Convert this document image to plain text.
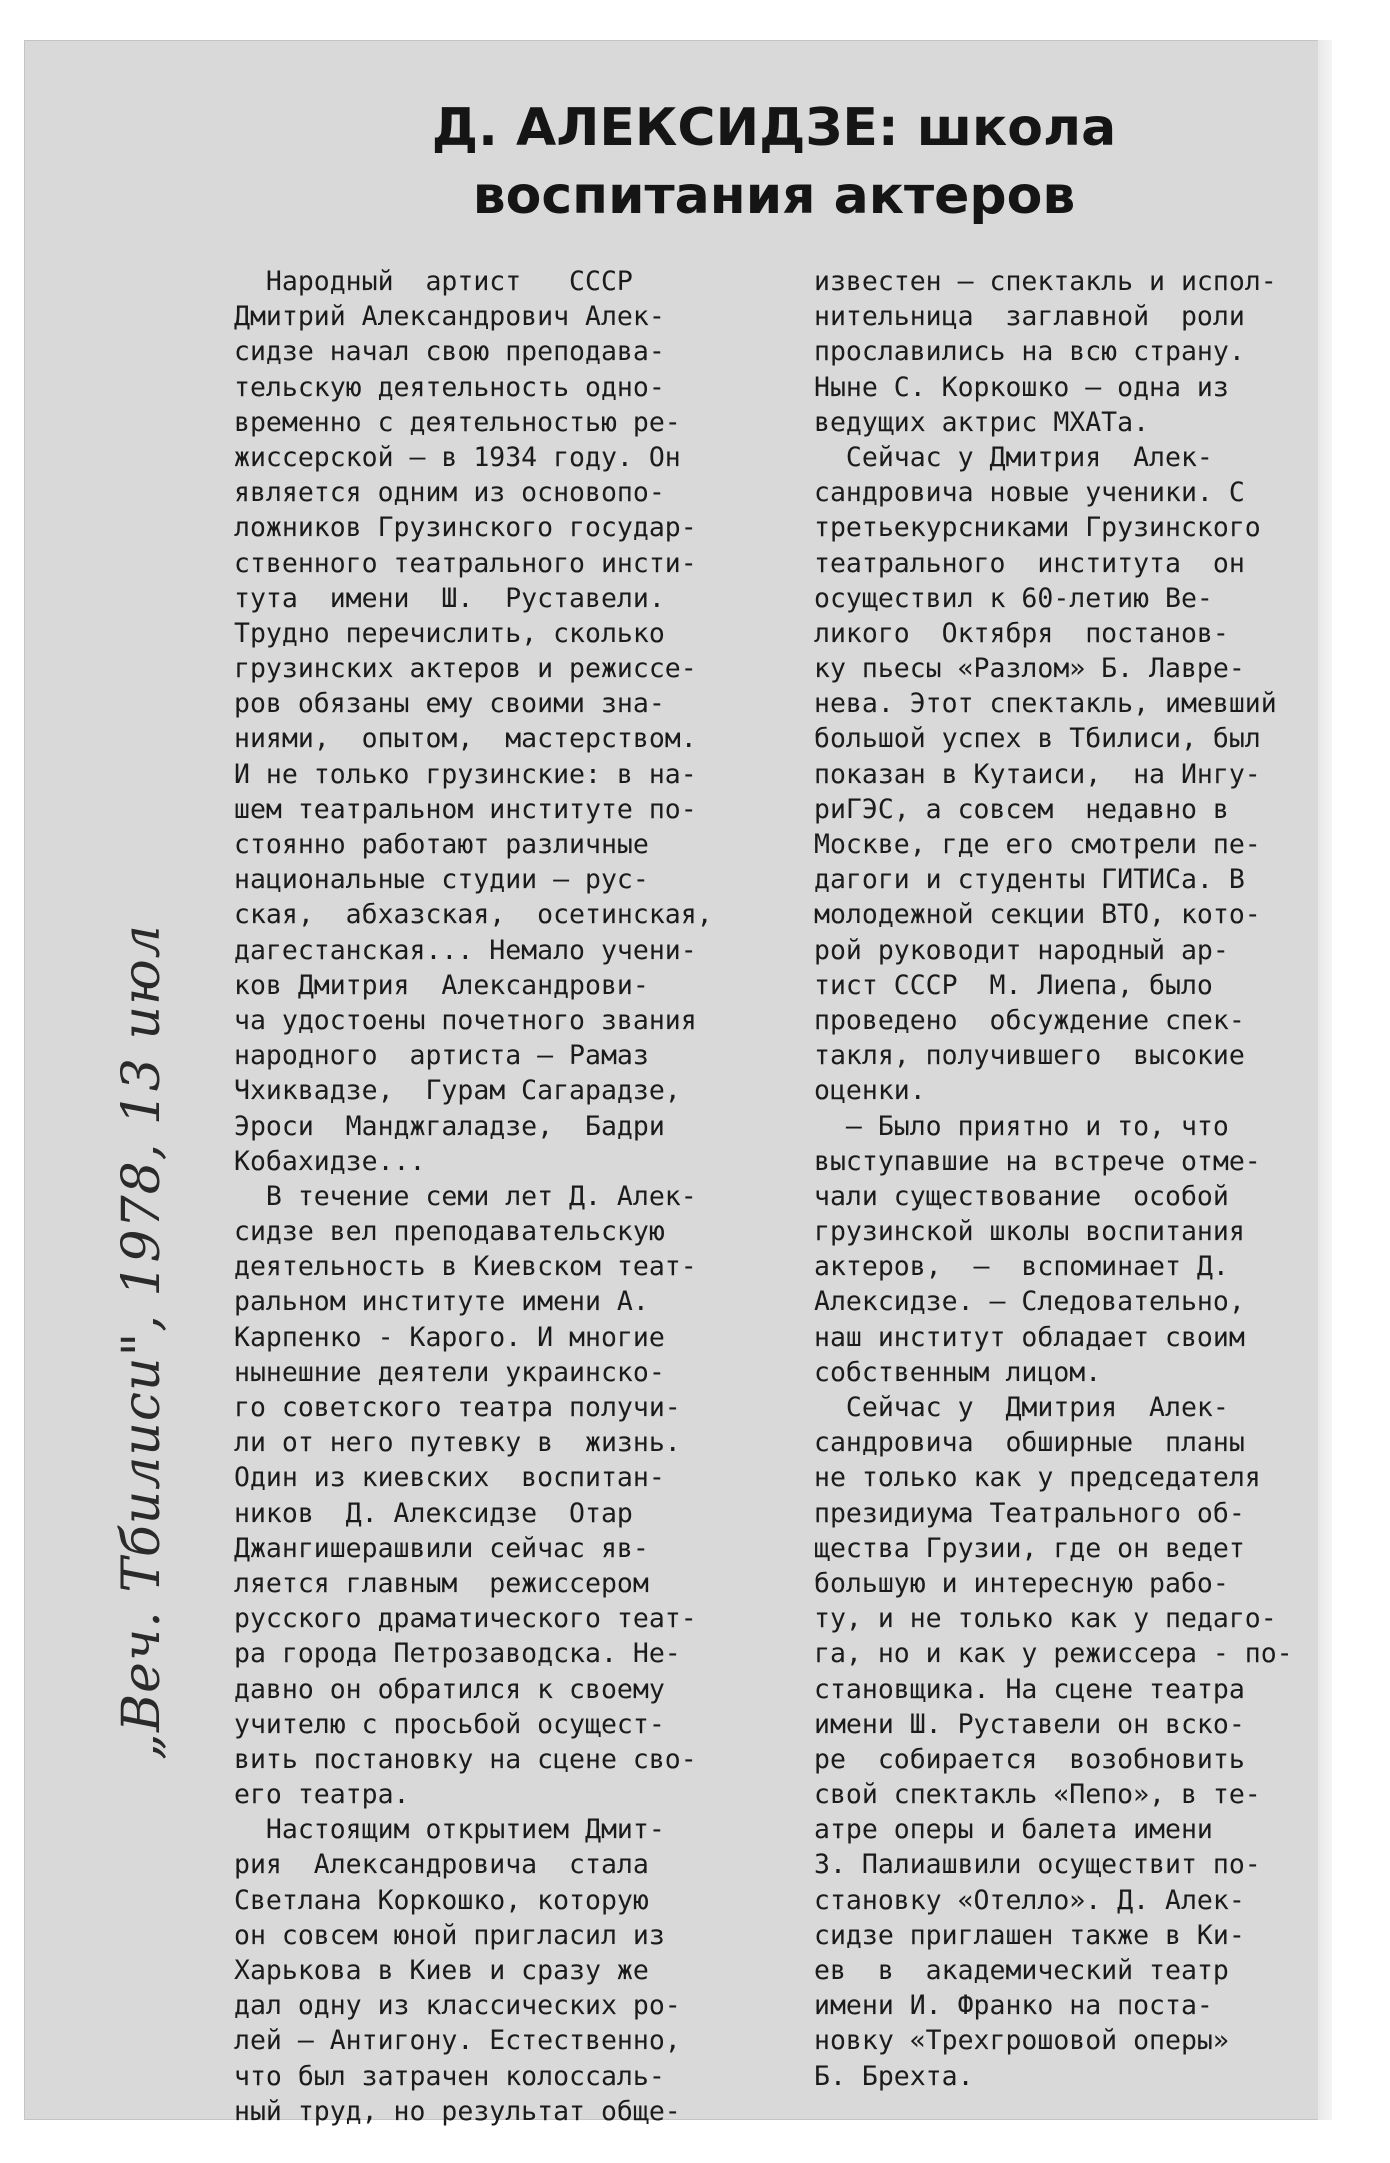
Д. АЛЕКСИДЗЕ: школа
воспитания актеров
Народный  артист   СССР
Дмитрий Александрович Алек-
сидзе начал свою преподава-
тельскую деятельность одно-
временно с деятельностью ре-
жиссерской — в 1934 году. Он
является одним из основопо-
ложников Грузинского государ-
ственного театрального инсти-
тута  имени  Ш.  Руставели.
Трудно перечислить, сколько
грузинских актеров и режиссе-
ров обязаны ему своими зна-
ниями,  опытом,  мастерством.
И не только грузинские: в на-
шем театральном институте по-
стоянно работают различные
национальные студии — рус-
ская,  абхазская,  осетинская,
дагестанская... Немало учени-
ков Дмитрия  Александрови-
ча удостоены почетного звания
народного  артиста — Рамаз
Чхиквадзе,  Гурам Сагарадзе,
Эроси  Манджгаладзе,  Бадри
Кобахидзе...
В течение семи лет Д. Алек-
сидзе вел преподавательскую
деятельность в Киевском теат-
ральном институте имени А.
Карпенко - Карого. И многие
нынешние деятели украинско-
го советского театра получи-
ли от него путевку в  жизнь.
Один из киевских  воспитан-
ников  Д. Алексидзе  Отар
Джангишерашвили сейчас яв-
ляется главным  режиссером
русского драматического теат-
ра города Петрозаводска. Не-
давно он обратился к своему
учителю с просьбой осущест-
вить постановку на сцене сво-
его театра.
Настоящим открытием Дмит-
рия  Александровича  стала
Светлана Коркошко, которую
он совсем юной пригласил из
Харькова в Киев и сразу же
дал одну из классических ро-
лей — Антигону. Естественно,
что был затрачен колоссаль-
ный труд, но результат обще-
известен — спектакль и испол-
нительница  заглавной  роли
прославились на всю страну.
Ныне С. Коркошко — одна из
ведущих актрис МХАТа.
Сейчас у Дмитрия  Алек-
сандровича новые ученики. С
третьекурсниками Грузинского
театрального  института  он
осуществил к 60-летию Ве-
ликого  Октября  постанов-
ку пьесы «Разлом» Б. Лавре-
нева. Этот спектакль, имевший
большой успех в Тбилиси, был
показан в Кутаиси,  на Ингу-
риГЭС, а совсем  недавно в
Москве, где его смотрели пе-
дагоги и студенты ГИТИСа. В
молодежной секции ВТО, кото-
рой руководит народный ар-
тист СССР  М. Лиепа, было
проведено  обсуждение спек-
такля, получившего  высокие
оценки.
— Было приятно и то, что
выступавшие на встрече отме-
чали существование  особой
грузинской школы воспитания
актеров,  —  вспоминает Д.
Алексидзе. — Следовательно,
наш институт обладает своим
собственным лицом.
Сейчас у  Дмитрия  Алек-
сандровича  обширные  планы
не только как у председателя
президиума Театрального об-
щества Грузии, где он ведет
большую и интересную рабо-
ту, и не только как у педаго-
га, но и как у режиссера - по-
становщика. На сцене театра
имени Ш. Руставели он вско-
ре  собирается  возобновить
свой спектакль «Пепо», в те-
атре оперы и балета имени
З. Палиашвили осуществит по-
становку «Отелло». Д. Алек-
сидзе приглашен также в Ки-
ев  в  академический театр
имени И. Франко на поста-
новку «Трехгрошовой оперы»
Б. Брехта.
„Веч. Тбилиси", 1978, 13 июл
